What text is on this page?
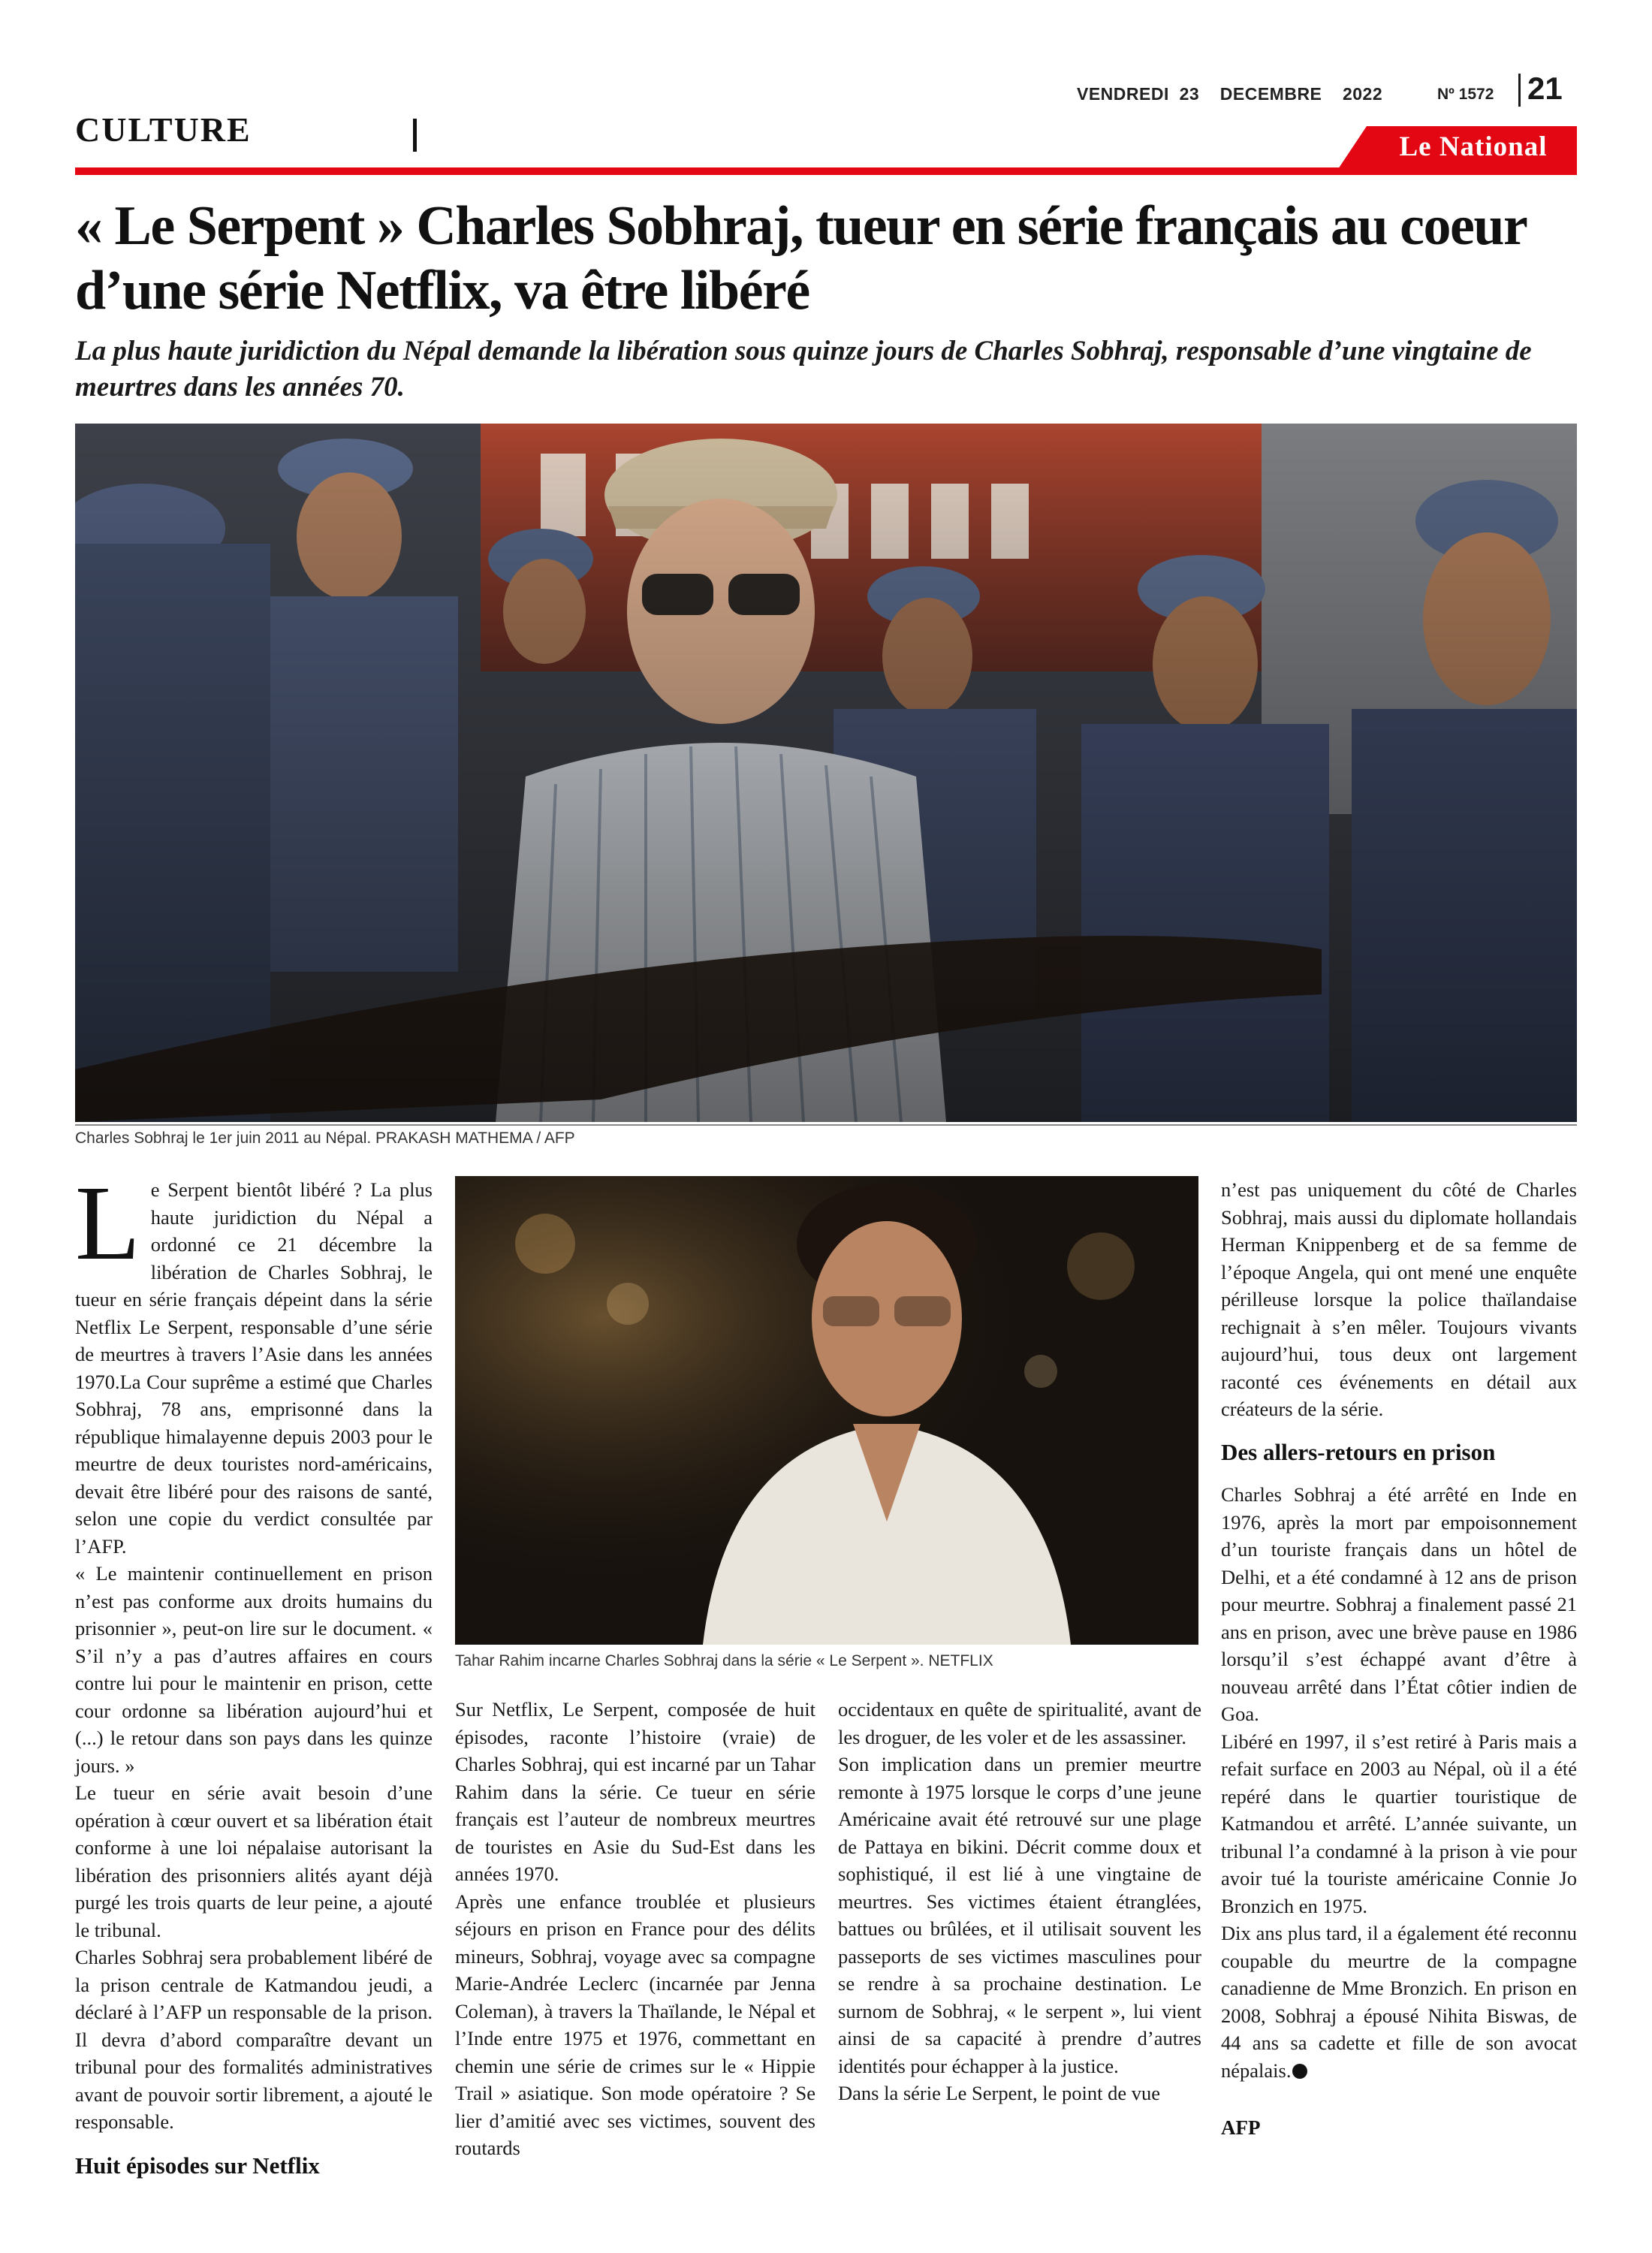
VENDREDI  23    DECEMBRE    2022	Nº 1572 21
CULTURE	Le National
« Le Serpent » Charles Sobhraj, tueur en série français au coeur d’une série Netflix, va être libéré

La plus haute juridiction du Népal demande la libération sous quinze jours de Charles Sobhraj, responsable d’une vingtaine de meurtres dans les années 70.

Charles Sobhraj le 1er juin 2011 au Népal. PRAKASH MATHEMA / AFP

Le Serpent bientôt libéré ? La plus haute juridiction du Népal a ordonné ce 21 décembre la libération de Charles Sobhraj, le tueur en série français dépeint dans la série Netflix Le Serpent, responsable d’une série de meurtres à travers l’Asie dans les années 1970.La Cour suprême a estimé que Charles Sobhraj, 78 ans, emprisonné dans la république himalayenne depuis 2003 pour le meurtre de deux touristes nord-américains, devait être libéré pour des raisons de santé, selon une copie du verdict consultée par l’AFP.

« Le maintenir continuellement en prison n’est pas conforme aux droits humains du prisonnier », peut-on lire sur le document. « S’il n’y a pas d’autres affaires en cours contre lui pour le maintenir en prison, cette cour ordonne sa libération aujourd’hui et (...) le retour dans son pays dans les quinze jours. »

Le tueur en série avait besoin d’une opération à cœur ouvert et sa libération était conforme à une loi népalaise autorisant la libération des prisonniers alités ayant déjà purgé les trois quarts de leur peine, a ajouté le tribunal.

Charles Sobhraj sera probablement libéré de la prison centrale de Katmandou jeudi, a déclaré à l’AFP un responsable de la prison. Il devra d’abord comparaître devant un tribunal pour des formalités administratives avant de pouvoir sortir librement, a ajouté le responsable.

Huit épisodes sur Netflix
Tahar Rahim incarne Charles Sobhraj dans la série « Le Serpent ». NETFLIX

Sur Netflix, Le Serpent, composée de huit épisodes, raconte l’histoire (vraie) de Charles Sobhraj, qui est incarné par un Tahar Rahim dans la série. Ce tueur en série français est l’auteur de nombreux meurtres de touristes en Asie du Sud-Est dans les années 1970.

Après une enfance troublée et plusieurs séjours en prison en France pour des délits mineurs, Sobhraj, voyage avec sa compagne Marie-Andrée Leclerc (incarnée par Jenna Coleman), à travers la Thaïlande, le Népal et l’Inde entre 1975 et 1976, commettant en chemin une série de crimes sur le « Hippie Trail » asiatique. Son mode opératoire ? Se lier d’amitié avec ses victimes, souvent des routards

occidentaux en quête de spiritualité, avant de les droguer, de les voler et de les assassiner.

Son implication dans un premier meurtre remonte à 1975 lorsque le corps d’une jeune Américaine avait été retrouvé sur une plage de Pattaya en bikini. Décrit comme doux et sophistiqué, il est lié à une vingtaine de meurtres. Ses victimes étaient étranglées, battues ou brûlées, et il utilisait souvent les passeports de ses victimes masculines pour se rendre à sa prochaine destination. Le surnom de Sobhraj, « le serpent », lui vient ainsi de sa capacité à prendre d’autres identités pour échapper à la justice.

Dans la série Le Serpent, le point de vue

n’est pas uniquement du côté de Charles Sobhraj, mais aussi du diplomate hollandais Herman Knippenberg et de sa femme de l’époque Angela, qui ont mené une enquête périlleuse lorsque la police thaïlandaise rechignait à s’en mêler. Toujours vivants aujourd’hui, tous deux ont largement raconté ces événements en détail aux créateurs de la série.

Des allers-retours en prison

Charles Sobhraj a été arrêté en Inde en 1976, après la mort par empoisonnement d’un touriste français dans un hôtel de Delhi, et a été condamné à 12 ans de prison pour meurtre. Sobhraj a finalement passé 21 ans en prison, avec une brève pause en 1986 lorsqu’il s’est échappé avant d’être à nouveau arrêté dans l’État côtier indien de Goa.

Libéré en 1997, il s’est retiré à Paris mais a refait surface en 2003 au Népal, où il a été repéré dans le quartier touristique de Katmandou et arrêté. L’année suivante, un tribunal l’a condamné à la prison à vie pour avoir tué la touriste américaine Connie Jo Bronzich en 1975.

Dix ans plus tard, il a également été reconnu coupable du meurtre de la compagne canadienne de Mme Bronzich. En prison en 2008, Sobhraj a épousé Nihita Biswas, de 44 ans sa cadette et fille de son avocat népalais.

AFP
